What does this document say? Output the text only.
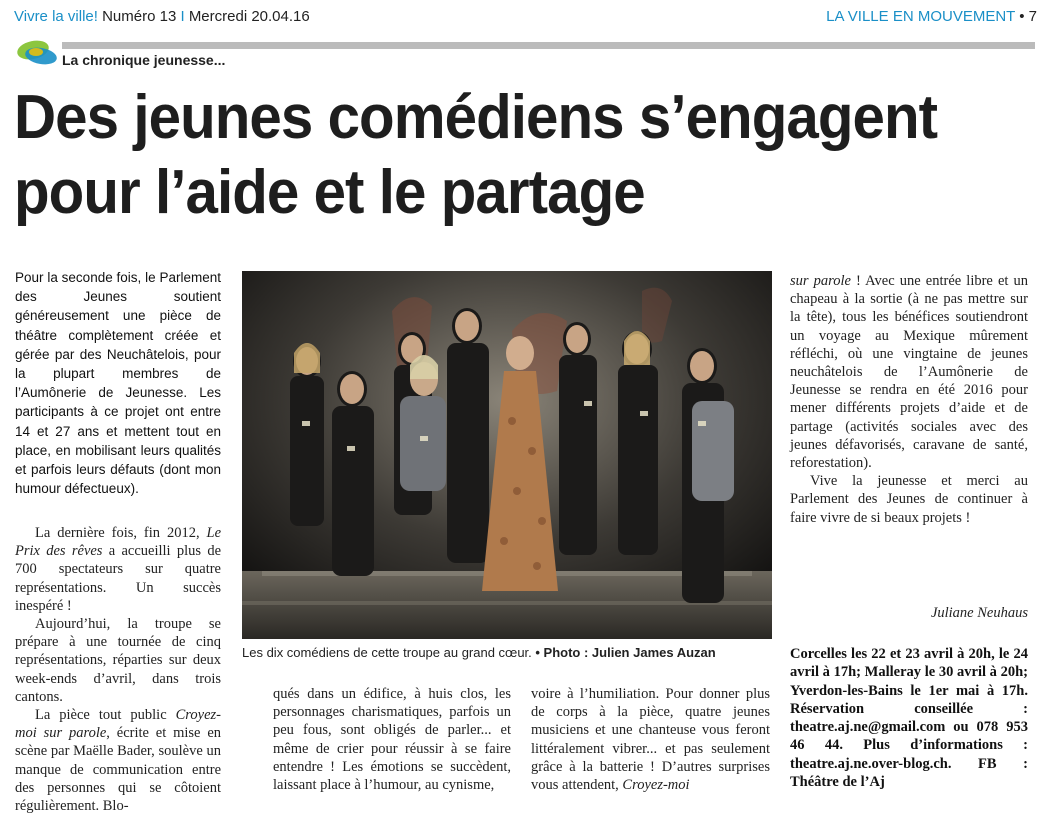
Vivre la ville! Numéro 13 I Mercredi 20.04.16	LA VILLE EN MOUVEMENT • 7
La chronique jeunesse...
Des jeunes comédiens s’engagent
pour l’aide et le partage
Pour la seconde fois, le Parlement des Jeunes soutient généreusement une pièce de théâtre complètement créée et gérée par des Neuchâtelois, pour la plupart membres de l’Aumônerie de Jeunesse. Les participants à ce projet ont entre 14 et 27 ans et mettent tout en place, en mobilisant leurs qualités et parfois leurs défauts (dont mon humour défectueux).

La dernière fois, fin 2012, Le Prix des rêves a accueilli plus de 700 spectateurs sur quatre représentations. Un succès inespéré !

Aujourd’hui, la troupe se prépare à une tournée de cinq représentations, réparties sur deux week-ends d’avril, dans trois cantons.

La pièce tout public Croyez-moi sur parole, écrite et mise en scène par Maëlle Bader, soulève un manque de communication entre des personnes qui se côtoient régulièrement. Blo-

Les dix comédiens de cette troupe au grand cœur. • Photo : Julien James Auzan

qués dans un édifice, à huis clos, les personnages charismatiques, parfois un peu fous, sont obligés de parler... et même de crier pour réussir à se faire entendre ! Les émotions se succèdent, laissant place à l’humour, au cynisme,

voire à l’humiliation. Pour donner plus de corps à la pièce, quatre jeunes musiciens et une chanteuse vous feront littéralement vibrer... et pas seulement grâce à la batterie ! D’autres surprises vous attendent, Croyez-moi

sur parole ! Avec une entrée libre et un chapeau à la sortie (à ne pas mettre sur la tête), tous les bénéfices soutiendront un voyage au Mexique mûrement réfléchi, où une vingtaine de jeunes neuchâtelois de l’Aumônerie de Jeunesse se rendra en été 2016 pour mener différents projets d’aide et de partage (activités sociales avec des jeunes défavorisés, caravane de santé, reforestation).

Vive la jeunesse et merci au Parlement des Jeunes de continuer à faire vivre de si beaux projets !

Juliane Neuhaus
Corcelles les 22 et 23 avril à 20h, le 24 avril à 17h; Malleray le 30 avril à 20h; Yverdon-les-Bains le 1er mai à 17h. Réservation conseillée : theatre.aj.ne@gmail.com ou 078 953 46 44. Plus d’informations : theatre.aj.ne.over-blog.ch. FB : Théâtre de l’Aj
